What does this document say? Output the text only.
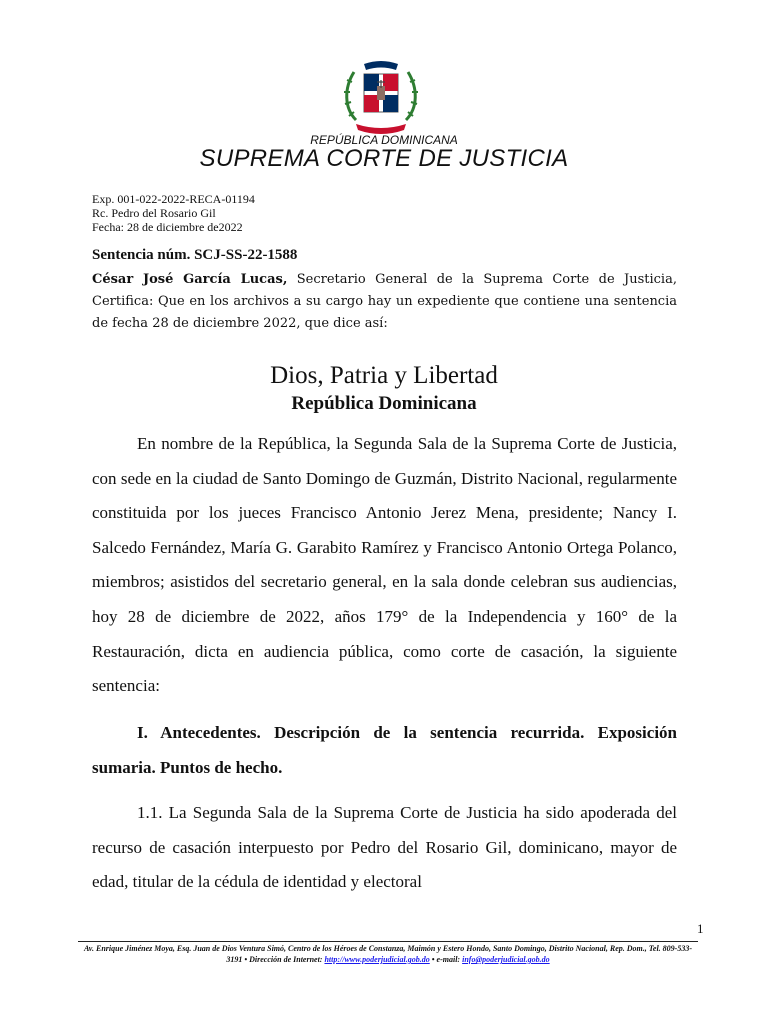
REPÚBLICA DOMINICANA
SUPREMA CORTE DE JUSTICIA
Exp. 001-022-2022-RECA-01194
Rc. Pedro del Rosario Gil
Fecha: 28 de diciembre de2022
Sentencia núm. SCJ-SS-22-1588
César José García Lucas, Secretario General de la Suprema Corte de Justicia, Certifica: Que en los archivos a su cargo hay un expediente que contiene una sentencia de fecha 28 de diciembre 2022, que dice así:
Dios, Patria y Libertad
República Dominicana
En nombre de la República, la Segunda Sala de la Suprema Corte de Justicia, con sede en la ciudad de Santo Domingo de Guzmán, Distrito Nacional, regularmente constituida por los jueces Francisco Antonio Jerez Mena, presidente; Nancy I. Salcedo Fernández, María G. Garabito Ramírez y Francisco Antonio Ortega Polanco, miembros; asistidos del secretario general, en la sala donde celebran sus audiencias, hoy 28 de diciembre de 2022, años 179° de la Independencia y 160° de la Restauración, dicta en audiencia pública, como corte de casación, la siguiente sentencia:
I. Antecedentes. Descripción de la sentencia recurrida. Exposición sumaria. Puntos de hecho.
1.1. La Segunda Sala de la Suprema Corte de Justicia ha sido apoderada del recurso de casación interpuesto por Pedro del Rosario Gil, dominicano, mayor de edad, titular de la cédula de identidad y electoral
1
Av. Enrique Jiménez Moya, Esq. Juan de Dios Ventura Simó, Centro de los Héroes de Constanza, Maimón y Estero Hondo, Santo Domingo, Distrito Nacional, Rep. Dom., Tel. 809-533-3191 • Dirección de Internet: http://www.poderjudicial.gob.do • e-mail: info@poderjudicial.gob.do
